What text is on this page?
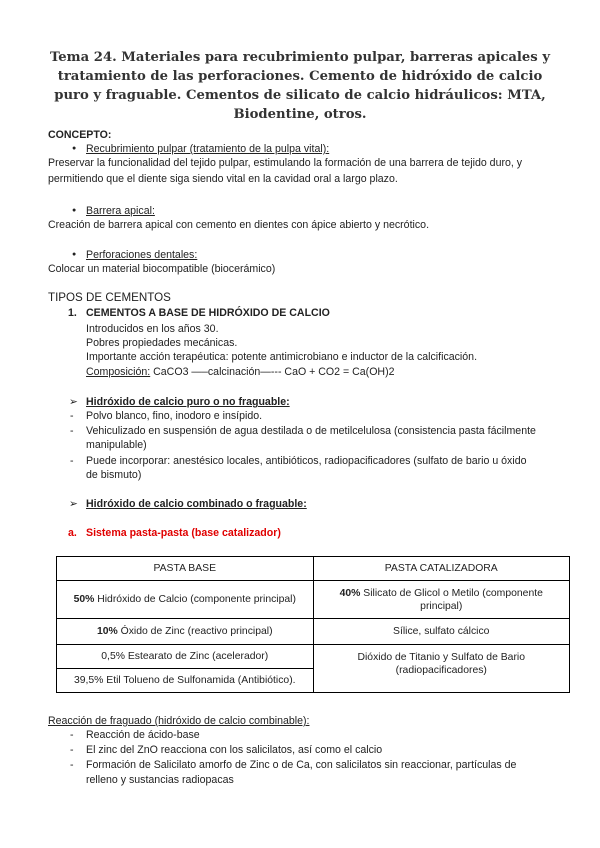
Tema 24. Materiales para recubrimiento pulpar, barreras apicales y tratamiento de las perforaciones. Cemento de hidróxido de calcio puro y fraguable. Cementos de silicato de calcio hidráulicos: MTA, Biodentine, otros.
CONCEPTO:
● Recubrimiento pulpar (tratamiento de la pulpa vital):
Preservar la funcionalidad del tejido pulpar, estimulando la formación de una barrera de tejido duro, y
permitiendo que el diente siga siendo vital en la cavidad oral a largo plazo.
● Barrera apical:
Creación de barrera apical con cemento en dientes con ápice abierto y necrótico.
● Perforaciones dentales:
Colocar un material biocompatible (biocerámico)
TIPOS DE CEMENTOS
1. CEMENTOS A BASE DE HIDRÓXIDO DE CALCIO
Introducidos en los años 30.
Pobres propiedades mecánicas.
Importante acción terapéutica: potente antimicrobiano e inductor de la calcificación.
Composición: CaCO3 —–calcinación—--- CaO + CO2 = Ca(OH)2
➢ Hidróxido de calcio puro o no fraguable:
- Polvo blanco, fino, inodoro e insípido.
- Vehiculizado en suspensión de agua destilada o de metilcelulosa (consistencia pasta fácilmente
manipulable)
- Puede incorporar: anestésico locales, antibióticos, radiopacificadores (sulfato de bario u óxido
de bismuto)
➢ Hidróxido de calcio combinado o fraguable:
a. Sistema pasta-pasta (base catalizador)
PASTA BASE	PASTA CATALIZADORA
50% Hidróxido de Calcio (componente principal)	40% Silicato de Glicol o Metilo (componente principal)
10% Óxido de Zinc (reactivo principal)	Sílice, sulfato cálcico
0,5% Estearato de Zinc (acelerador)	Dióxido de Titanio y Sulfato de Bario (radiopacificadores)
39,5% Etil Tolueno de Sulfonamida (Antibiótico).	
Reacción de fraguado (hidróxido de calcio combinable):
- Reacción de ácido-base
- El zinc del ZnO reacciona con los salicilatos, así como el calcio
- Formación de Salicilato amorfo de Zinc o de Ca, con salicilatos sin reaccionar, partículas de
relleno y sustancias radiopacas
